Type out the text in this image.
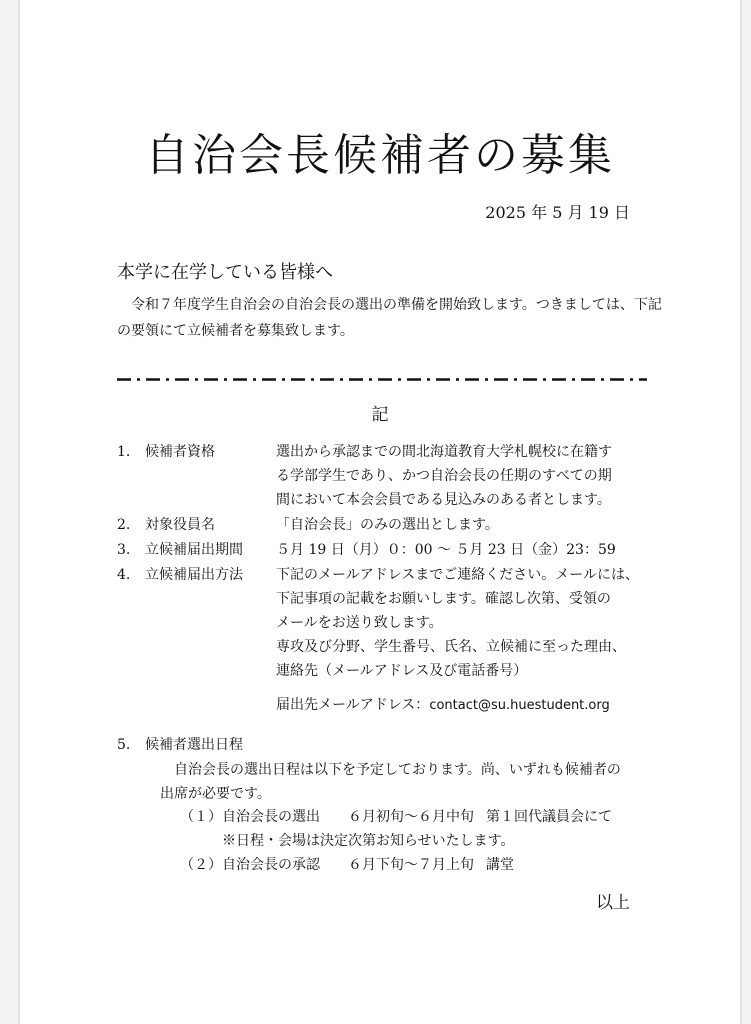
自治会長候補者の募集
2025 年 5 月 19 日
本学に在学している皆様へ
令和７年度学生自治会の自治会長の選出の準備を開始致します。つきましては、下記の要領にて立候補者を募集致します。
記
1. 候補者資格	選出から承認までの間北海道教育大学札幌校に在籍す
る学部学生であり、かつ自治会長の任期のすべての期
間において本会会員である見込みのある者とします。
2. 対象役員名	「自治会長」のみの選出とします。
3. 立候補届出期間 ５月 19 日（月）０：00 〜 ５月 23 日（金）23：59
4. 立候補届出方法 下記のメールアドレスまでご連絡ください。メールには、
下記事項の記載をお願いします。確認し次第、受領の
メールをお送り致します。
専攻及び分野、学生番号、氏名、立候補に至った理由、
連絡先（メールアドレス及び電話番号）
届出先メールアドレス：contact@su.huestudent.org
5. 候補者選出日程
自治会長の選出日程は以下を予定しております。尚、いずれも候補者の
出席が必要です。
（１）自治会長の選出 ６月初旬〜６月中旬 第１回代議員会にて
※日程・会場は決定次第お知らせいたします。
（２）自治会長の承認 ６月下旬〜７月上旬 講堂
以上
